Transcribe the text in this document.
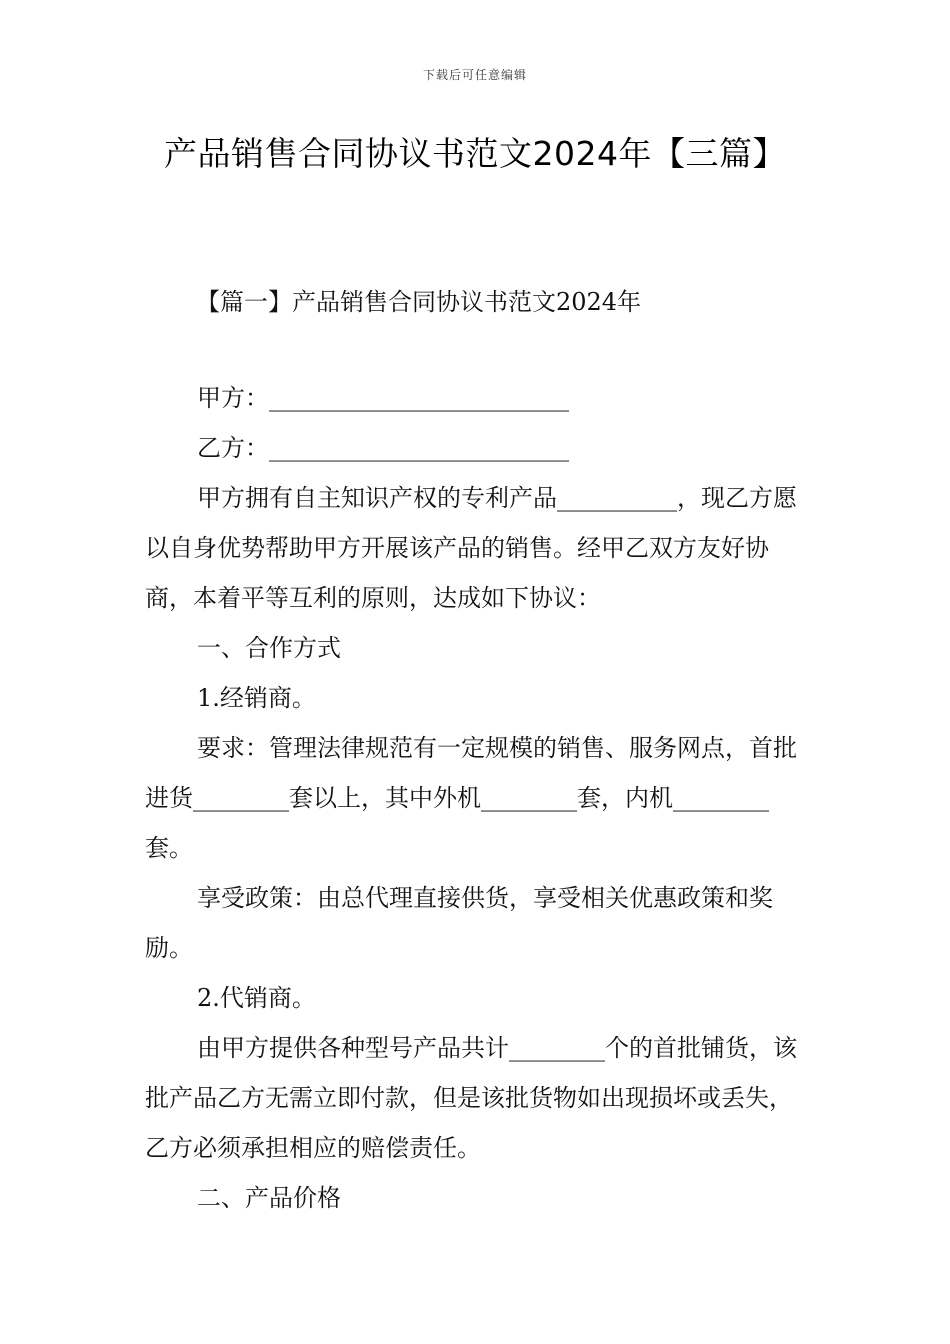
下载后可任意编辑
产品销售合同协议书范文2024年【三篇】
【篇一】产品销售合同协议书范文2024年

甲方：_________________________

乙方：_________________________

甲方拥有自主知识产权的专利产品__________，现乙方愿以自身优势帮助甲方开展该产品的销售。经甲乙双方友好协商，本着平等互利的原则，达成如下协议：

一、合作方式

1.经销商。

要求：管理法律规范有一定规模的销售、服务网点，首批进货________套以上，其中外机________套，内机________套。

享受政策：由总代理直接供货，享受相关优惠政策和奖励。

2.代销商。

由甲方提供各种型号产品共计________个的首批铺货，该批产品乙方无需立即付款，但是该批货物如出现损坏或丢失，乙方必须承担相应的赔偿责任。

二、产品价格
